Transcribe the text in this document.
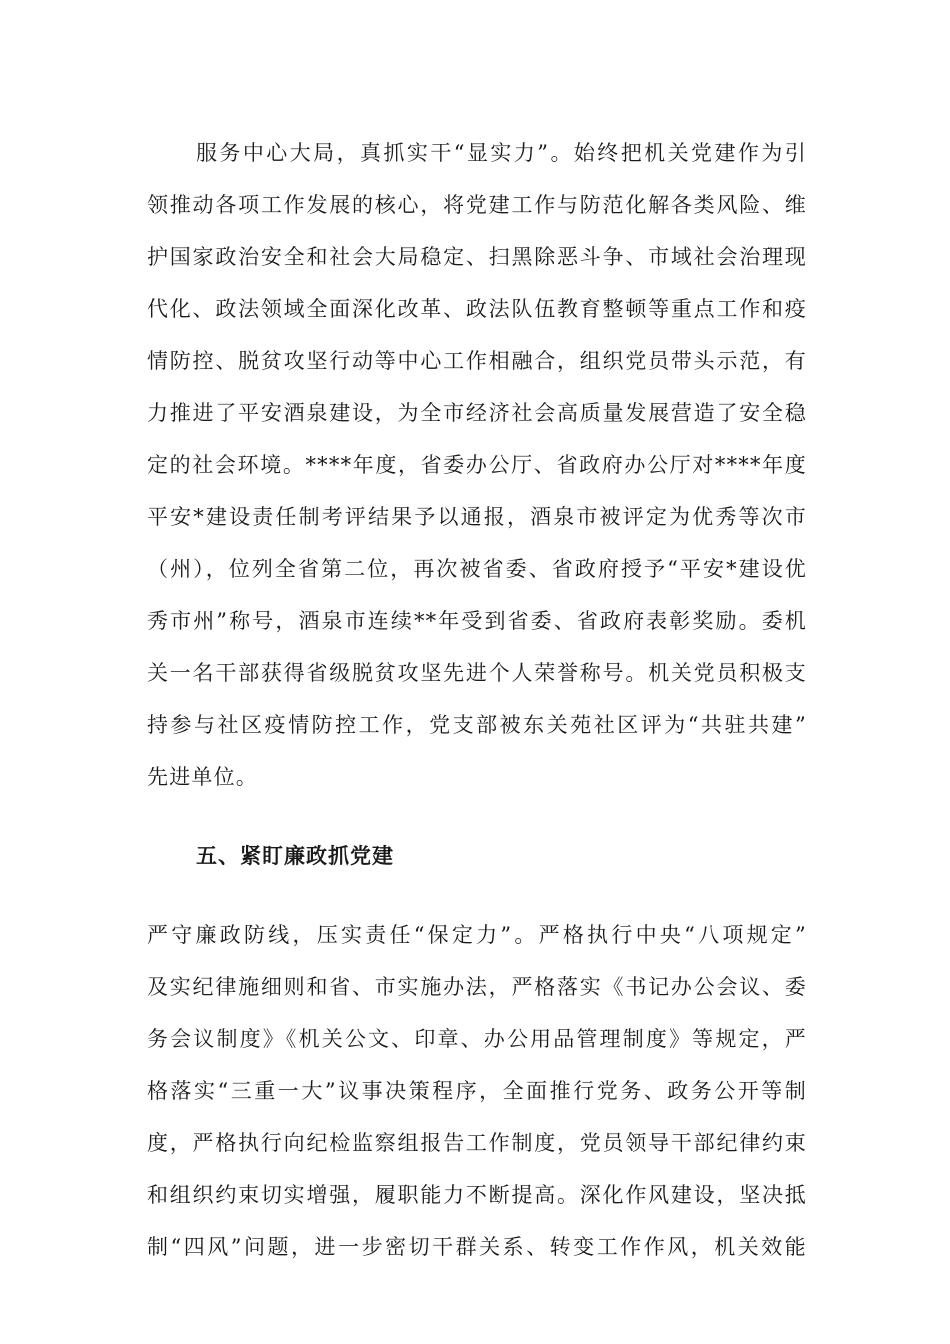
服务中心大局，真抓实干“显实力”。始终把机关党建作为引
领推动各项工作发展的核心，将党建工作与防范化解各类风险、维
护国家政治安全和社会大局稳定、扫黑除恶斗争、市域社会治理现
代化、政法领域全面深化改革、政法队伍教育整顿等重点工作和疫
情防控、脱贫攻坚行动等中心工作相融合，组织党员带头示范，有
力推进了平安酒泉建设，为全市经济社会高质量发展营造了安全稳
定的社会环境。****年度，省委办公厅、省政府办公厅对****年度
平安*建设责任制考评结果予以通报，酒泉市被评定为优秀等次市
（州），位列全省第二位，再次被省委、省政府授予“平安*建设优
秀市州”称号，酒泉市连续**年受到省委、省政府表彰奖励。委机
关一名干部获得省级脱贫攻坚先进个人荣誉称号。机关党员积极支
持参与社区疫情防控工作，党支部被东关苑社区评为“共驻共建”
先进单位。
五、紧盯廉政抓党建
严守廉政防线，压实责任“保定力”。严格执行中央“八项规定”
及实纪律施细则和省、市实施办法，严格落实《书记办公会议、委
务会议制度》《机关公文、印章、办公用品管理制度》等规定，严
格落实“三重一大”议事决策程序，全面推行党务、政务公开等制
度，严格执行向纪检监察组报告工作制度，党员领导干部纪律约束
和组织约束切实增强，履职能力不断提高。深化作风建设，坚决抵
制“四风”问题，进一步密切干群关系、转变工作作风，机关效能
